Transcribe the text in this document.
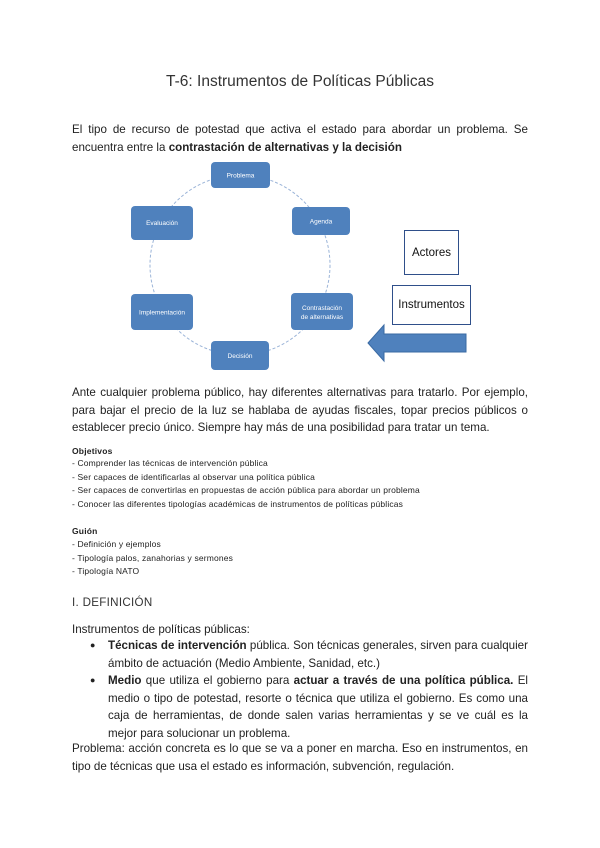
T-6: Instrumentos de Políticas Públicas
El tipo de recurso de potestad que activa el estado para abordar un problema. Se encuentra entre la contrastación de alternativas y la decisión
Problema
Agenda
Contrastación
de alternativas
Decisión
Implementación
Evaluación
Actores
Instrumentos
Ante cualquier problema público, hay diferentes alternativas para tratarlo. Por ejemplo, para bajar el precio de la luz se hablaba de ayudas fiscales, topar precios públicos o establecer precio único. Siempre hay más de una posibilidad para tratar un tema.
Objetivos
- Comprender las técnicas de intervención pública
- Ser capaces de identificarlas al observar una política pública
- Ser capaces de convertirlas en propuestas de acción pública para abordar un problema
- Conocer las diferentes tipologías académicas de instrumentos de políticas públicas
Guión
- Definición y ejemplos
- Tipología palos, zanahorias y sermones
- Tipología NATO
I. DEFINICIÓN
Instrumentos de políticas públicas:
● Técnicas de intervención pública. Son técnicas generales, sirven para cualquier ámbito de actuación (Medio Ambiente, Sanidad, etc.)
● Medio que utiliza el gobierno para actuar a través de una política pública. El medio o tipo de potestad, resorte o técnica que utiliza el gobierno. Es como una caja de herramientas, de donde salen varias herramientas y se ve cuál es la mejor para solucionar un problema.
Problema: acción concreta es lo que se va a poner en marcha. Eso en instrumentos, en tipo de técnicas que usa el estado es información, subvención, regulación.
